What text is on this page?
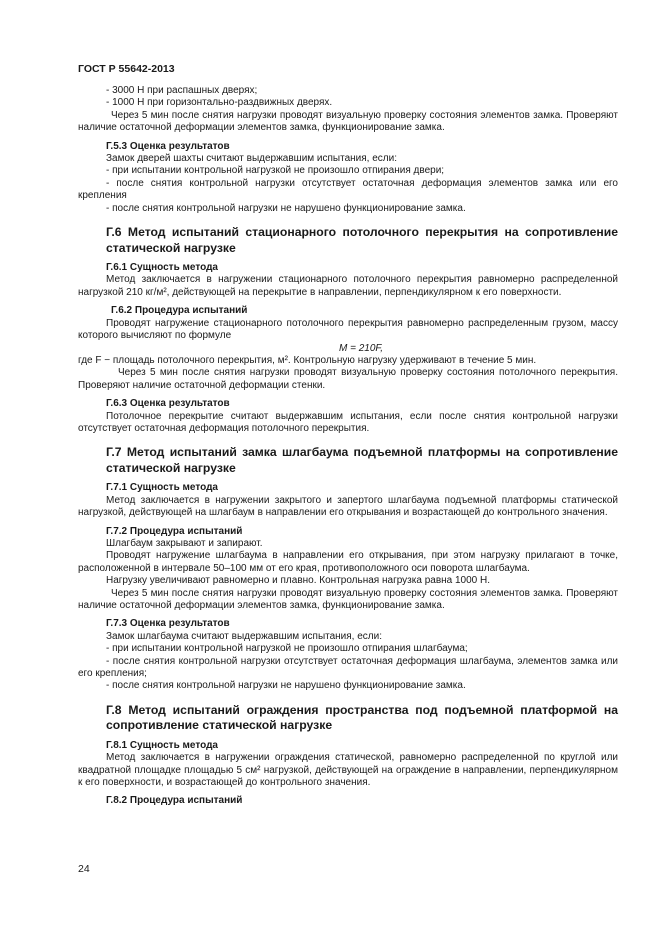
ГОСТ Р 55642-2013

- 3000 Н при распашных дверях;

- 1000 Н при горизонтально-раздвижных дверях.

Через 5 мин после снятия нагрузки проводят визуальную проверку состояния элементов замка. Проверяют наличие остаточной деформации элементов замка, функционирование замка.

Г.5.3 Оценка результатов

Замок дверей шахты считают выдержавшим испытания, если:

- при испытании контрольной нагрузкой не произошло отпирания двери;

- после снятия контрольной нагрузки отсутствует остаточная деформация элементов замка или его крепления

- после снятия контрольной нагрузки не нарушено функционирование замка.

Г.6 Метод испытаний стационарного потолочного перекрытия на сопротивление статической нагрузке
Г.6.1 Сущность метода

Метод заключается в нагружении стационарного потолочного перекрытия равномерно распределенной нагрузкой 210 кг/м², действующей на перекрытие в направлении, перпендикулярном к его поверхности.

Г.6.2 Процедура испытаний

Проводят нагружение стационарного потолочного перекрытия равномерно распределенным грузом, массу которого вычисляют по формуле

M = 210F,

где F − площадь потолочного перекрытия, м². Контрольную нагрузку удерживают в течение 5 мин.

Через 5 мин после снятия нагрузки проводят визуальную проверку состояния потолочного перекрытия. Проверяют наличие остаточной деформации стенки.

Г.6.3 Оценка результатов

Потолочное перекрытие считают выдержавшим испытания, если после снятия контрольной нагрузки отсутствует остаточная деформация потолочного перекрытия.

Г.7 Метод испытаний замка шлагбаума подъемной платформы на сопротивление статической нагрузке
Г.7.1 Сущность метода

Метод заключается в нагружении закрытого и запертого шлагбаума подъемной платформы статической нагрузкой, действующей на шлагбаум в направлении его открывания и возрастающей до контрольного значения.

Г.7.2 Процедура испытаний

Шлагбаум закрывают и запирают.

Проводят нагружение шлагбаума в направлении его открывания, при этом нагрузку прилагают в точке, расположенной в интервале 50–100 мм от его края, противоположного оси поворота шлагбаума.

Нагрузку увеличивают равномерно и плавно. Контрольная нагрузка равна 1000 Н.

Через 5 мин после снятия нагрузки проводят визуальную проверку состояния элементов замка. Проверяют наличие остаточной деформации элементов замка, функционирование замка.

Г.7.3 Оценка результатов

Замок шлагбаума считают выдержавшим испытания, если:

- при испытании контрольной нагрузкой не произошло отпирания шлагбаума;

- после снятия контрольной нагрузки отсутствует остаточная деформация шлагбаума, элементов замка или его крепления;

- после снятия контрольной нагрузки не нарушено функционирование замка.

Г.8 Метод испытаний ограждения пространства под подъемной платформой на сопротивление статической нагрузке
Г.8.1 Сущность метода

Метод заключается в нагружении ограждения статической, равномерно распределенной по круглой или квадратной площадке площадью 5 см² нагрузкой, действующей на ограждение в направлении, перпендикулярном к его поверхности, и возрастающей до контрольного значения.

Г.8.2 Процедура испытаний
24
